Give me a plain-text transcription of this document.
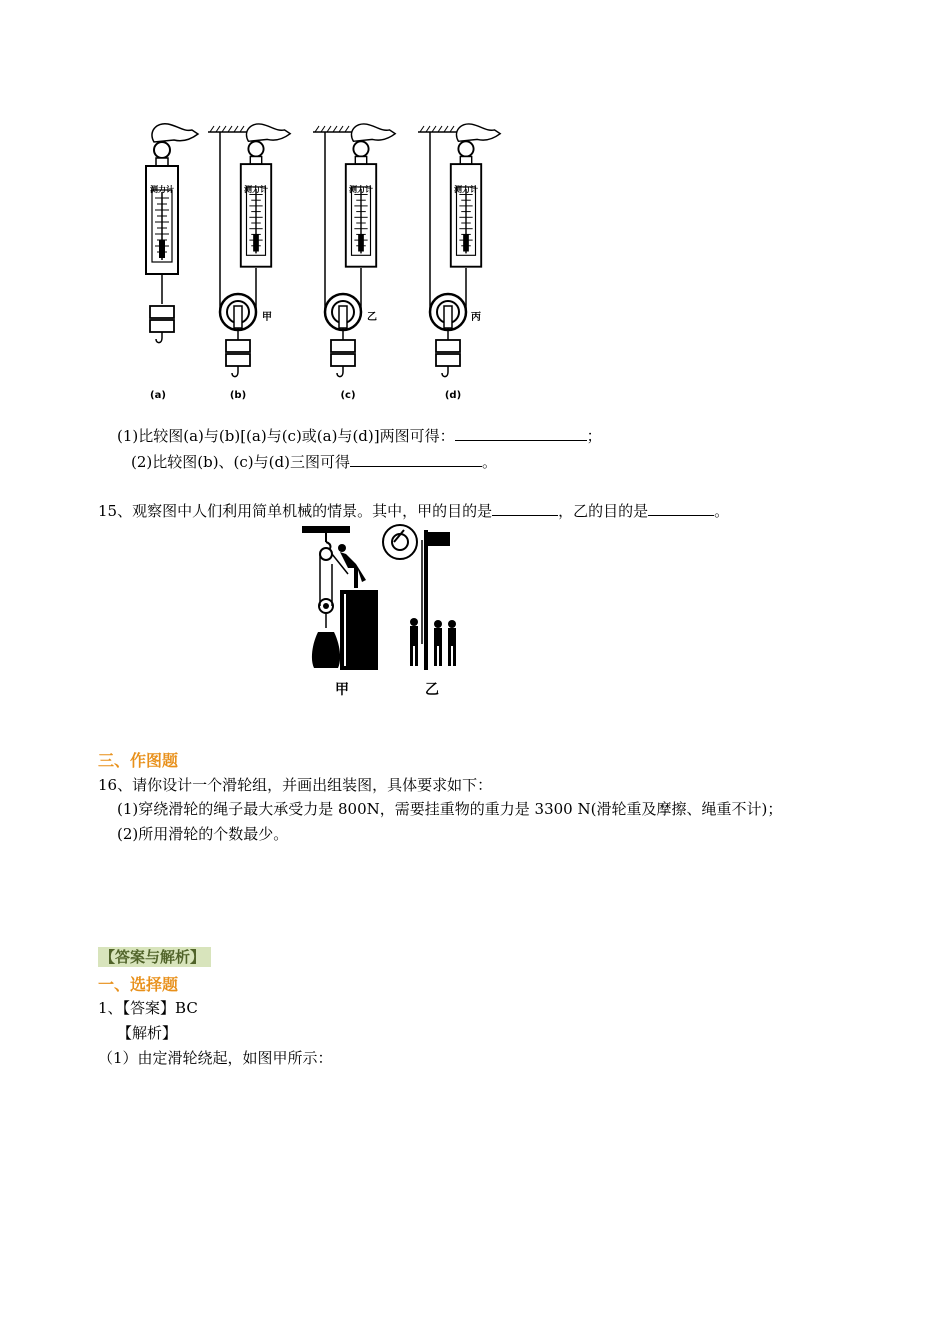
测力计	测力计	测力计	测力计
甲	乙	丙
(a)	(b)	(c)	(d)
(1)比较图(a)与(b)[(a)与(c)或(a)与(d)]两图可得：	；
(2)比较图(b)、(c)与(d)三图可得	。
15、观察图中人们利用简单机械的情景。其中，甲的目的是	，乙的目的是	。
甲	乙
三、作图题
16、请你设计一个滑轮组，并画出组装图，具体要求如下：
(1)穿绕滑轮的绳子最大承受力是 800N，需要挂重物的重力是 3300 N(滑轮重及摩擦、绳重不计)；
(2)所用滑轮的个数最少。
【答案与解析】
一、选择题
1、【答案】BC
【解析】
（1）由定滑轮绕起，如图甲所示：
